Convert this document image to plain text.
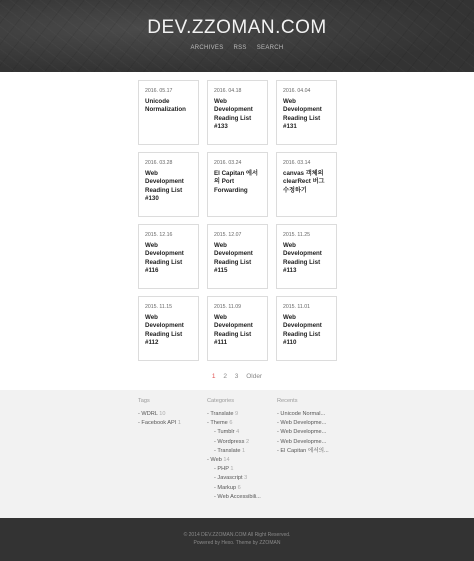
DEV.ZZOMAN.COM
ARCHIVES RSS SEARCH
2016. 05.17
Unicode Normalization
2016. 04.18
Web Development Reading List #133
2016. 04.04
Web Development Reading List #131
2016. 03.28
Web Development Reading List #130
2016. 03.24
El Capitan 에서의 Port Forwarding
2016. 03.14
canvas 객체의 clearRect 버그 수정하기
2015. 12.16
Web Development Reading List #116
2015. 12.07
Web Development Reading List #115
2015. 11.25
Web Development Reading List #113
2015. 11.15
Web Development Reading List #112
2015. 11.09
Web Development Reading List #111
2015. 11.01
Web Development Reading List #110
1 2 3 Older
Tags
- WDRL 10
- Facebook API 1
Categories
- Translate 9
- Theme 6
- Tumblr 4
- Wordpress 2
- Translate 1
- Web 14
- PHP 1
- Javascript 3
- Markup 6
- Web Accessibili...
Recents
- Unicode Normal...
- Web Developme...
- Web Developme...
- Web Developme...
- El Capitan 에서의...
© 2014 DEV.ZZOMAN.COM All Right Reserved.
Powered by Hexo. Theme by ZZOMAN
